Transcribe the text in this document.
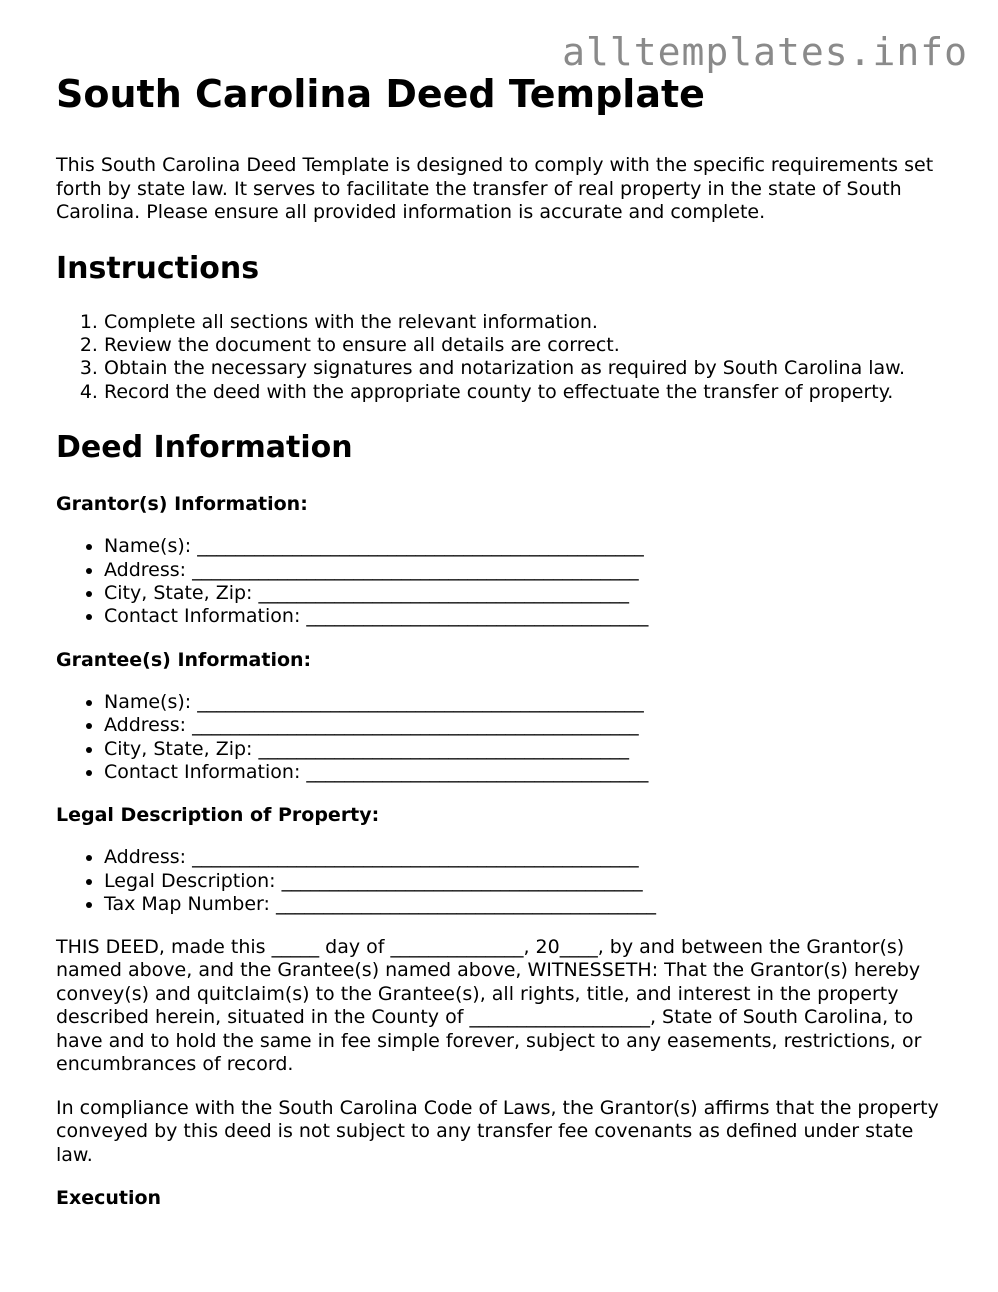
alltemplates.info
South Carolina Deed Template

This South Carolina Deed Template is designed to comply with the specific requirements set forth by state law. It serves to facilitate the transfer of real property in the state of South Carolina. Please ensure all provided information is accurate and complete.

Instructions
1. Complete all sections with the relevant information.
2. Review the document to ensure all details are correct.
3. Obtain the necessary signatures and notarization as required by South Carolina law.
4. Record the deed with the appropriate county to effectuate the transfer of property.
Deed Information
Grantor(s) Information:
• Name(s): _______________________________________________
• Address: _______________________________________________
• City, State, Zip: _______________________________________
• Contact Information: ____________________________________
Grantee(s) Information:
• Name(s): _______________________________________________
• Address: _______________________________________________
• City, State, Zip: _______________________________________
• Contact Information: ____________________________________
Legal Description of Property:
• Address: _______________________________________________
• Legal Description: ______________________________________
• Tax Map Number: ________________________________________

THIS DEED, made this _____ day of ______________, 20____, by and between the Grantor(s) named above, and the Grantee(s) named above, WITNESSETH: That the Grantor(s) hereby convey(s) and quitclaim(s) to the Grantee(s), all rights, title, and interest in the property described herein, situated in the County of ___________________, State of South Carolina, to have and to hold the same in fee simple forever, subject to any easements, restrictions, or encumbrances of record.

In compliance with the South Carolina Code of Laws, the Grantor(s) affirms that the property conveyed by this deed is not subject to any transfer fee covenants as defined under state law.

Execution
